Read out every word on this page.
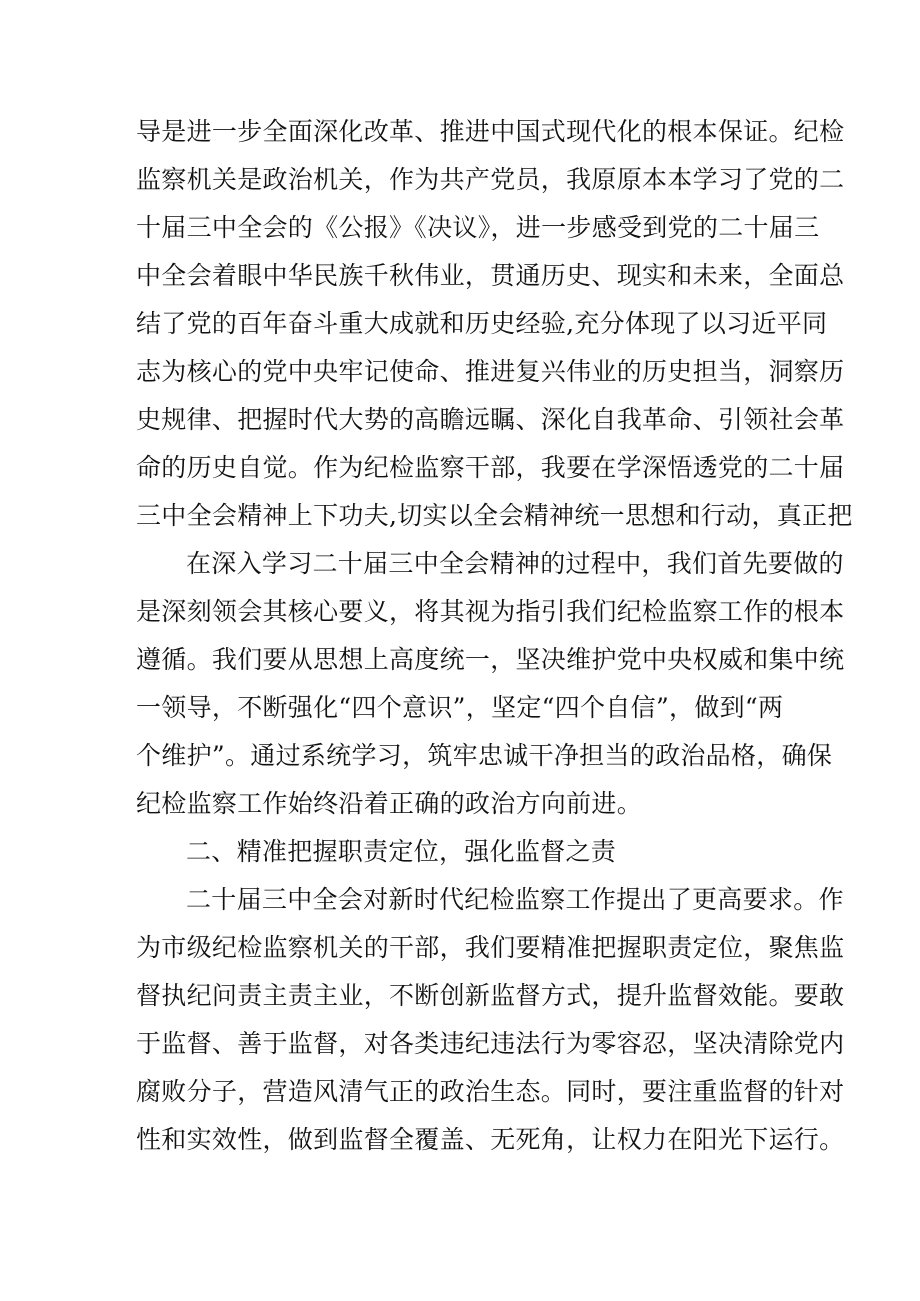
导是进一步全面深化改革、推进中国式现代化的根本保证。纪检
监察机关是政治机关，作为共产党员，我原原本本学习了党的二
十届三中全会的《公报》《决议》，进一步感受到党的二十届三
中全会着眼中华民族千秋伟业，贯通历史、现实和未来，全面总
结了党的百年奋斗重大成就和历史经验,充分体现了以习近平同
志为核心的党中央牢记使命、推进复兴伟业的历史担当，洞察历
史规律、把握时代大势的高瞻远瞩、深化自我革命、引领社会革
命的历史自觉。作为纪检监察干部，我要在学深悟透党的二十届
三中全会精神上下功夫,切实以全会精神统一思想和行动，真正把
在深入学习二十届三中全会精神的过程中，我们首先要做的
是深刻领会其核心要义，将其视为指引我们纪检监察工作的根本
遵循。我们要从思想上高度统一，坚决维护党中央权威和集中统
一领导，不断强化“四个意识”，坚定“四个自信”，做到“两
个维护”。通过系统学习，筑牢忠诚干净担当的政治品格，确保
纪检监察工作始终沿着正确的政治方向前进。
二、精准把握职责定位，强化监督之责
二十届三中全会对新时代纪检监察工作提出了更高要求。作
为市级纪检监察机关的干部，我们要精准把握职责定位，聚焦监
督执纪问责主责主业，不断创新监督方式，提升监督效能。要敢
于监督、善于监督，对各类违纪违法行为零容忍，坚决清除党内
腐败分子，营造风清气正的政治生态。同时，要注重监督的针对
性和实效性，做到监督全覆盖、无死角，让权力在阳光下运行。
